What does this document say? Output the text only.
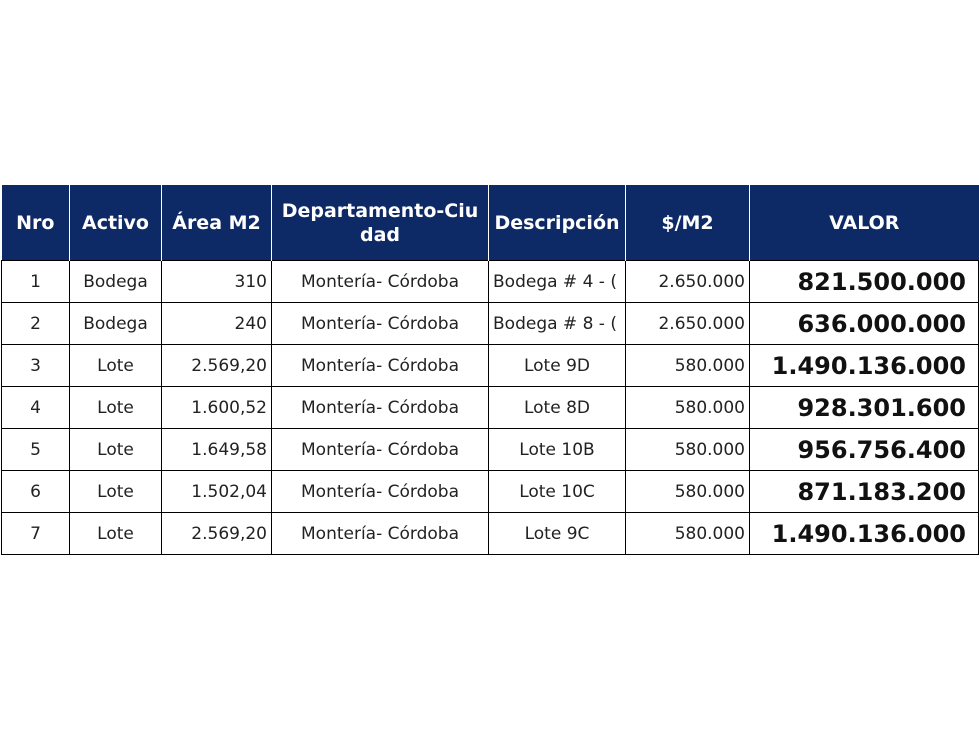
Nro	Activo	Área M2	Departamento-Ciudad	Descripción	$/M2	VALOR
1	Bodega	310	Montería- Córdoba	Bodega # 4 - (	2.650.000	821.500.000
2	Bodega	240	Montería- Córdoba	Bodega # 8 - (	2.650.000	636.000.000
3	Lote	2.569,20	Montería- Córdoba	Lote 9D	580.000	1.490.136.000
4	Lote	1.600,52	Montería- Córdoba	Lote 8D	580.000	928.301.600
5	Lote	1.649,58	Montería- Córdoba	Lote 10B	580.000	956.756.400
6	Lote	1.502,04	Montería- Córdoba	Lote 10C	580.000	871.183.200
7	Lote	2.569,20	Montería- Córdoba	Lote 9C	580.000	1.490.136.000
